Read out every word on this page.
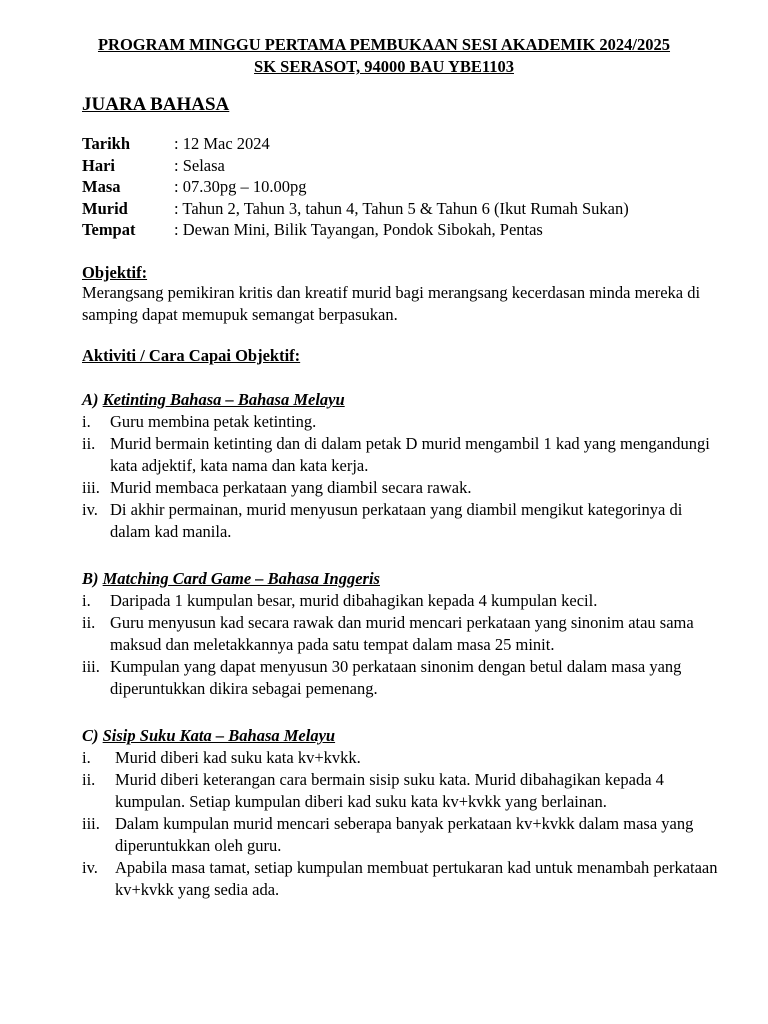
PROGRAM MINGGU PERTAMA PEMBUKAAN SESI AKADEMIK 2024/2025
SK SERASOT, 94000 BAU YBE1103
JUARA BAHASA
Tarikh	: 12 Mac 2024
Hari	: Selasa
Masa	: 07.30pg – 10.00pg
Murid	: Tahun 2, Tahun 3, tahun 4, Tahun 5 & Tahun 6 (Ikut Rumah Sukan)
Tempat : Dewan Mini, Bilik Tayangan, Pondok Sibokah, Pentas
Objektif:
Merangsang pemikiran kritis dan kreatif murid bagi merangsang kecerdasan minda mereka di samping dapat memupuk semangat berpasukan.
Aktiviti / Cara Capai Objektif:
A) Ketinting Bahasa – Bahasa Melayu
i.	Guru membina petak ketinting.
ii. Murid bermain ketinting dan di dalam petak D murid mengambil 1 kad yang mengandungi kata adjektif, kata nama dan kata kerja.
iii. Murid membaca perkataan yang diambil secara rawak.
iv. Di akhir permainan, murid menyusun perkataan yang diambil mengikut kategorinya di dalam kad manila.
B) Matching Card Game – Bahasa Inggeris
i.	Daripada 1 kumpulan besar, murid dibahagikan kepada 4 kumpulan kecil.
ii. Guru menyusun kad secara rawak dan murid mencari perkataan yang sinonim atau sama maksud dan meletakkannya pada satu tempat dalam masa 25 minit.
iii. Kumpulan yang dapat menyusun 30 perkataan sinonim dengan betul dalam masa yang diperuntukkan dikira sebagai pemenang.
C) Sisip Suku Kata – Bahasa Melayu
i.	Murid diberi kad suku kata kv+kvkk.
ii.	Murid diberi keterangan cara bermain sisip suku kata. Murid dibahagikan kepada 4 kumpulan. Setiap kumpulan diberi kad suku kata kv+kvkk yang berlainan.
iii. Dalam kumpulan murid mencari seberapa banyak perkataan kv+kvkk dalam masa yang diperuntukkan oleh guru.
iv.	Apabila masa tamat, setiap kumpulan membuat pertukaran kad untuk menambah perkataan kv+kvkk yang sedia ada.
